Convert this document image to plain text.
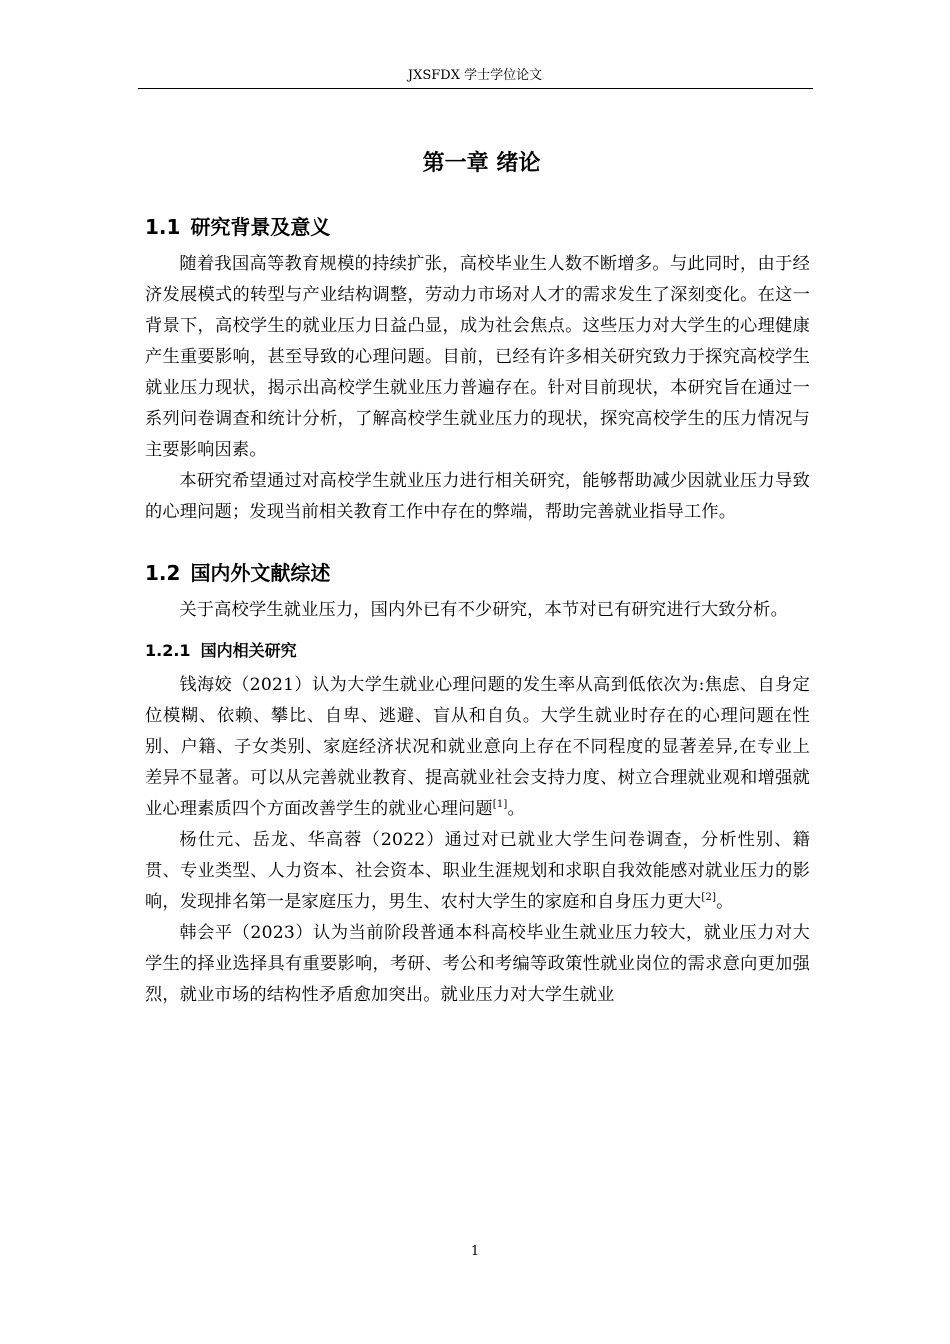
JXSFDX 学士学位论文
第一章 绪论
1.1 研究背景及意义

随着我国高等教育规模的持续扩张，高校毕业生人数不断增多。与此同时，由于经济发展模式的转型与产业结构调整，劳动力市场对人才的需求发生了深刻变化。在这一背景下，高校学生的就业压力日益凸显，成为社会焦点。这些压力对大学生的心理健康产生重要影响，甚至导致的心理问题。目前，已经有许多相关研究致力于探究高校学生就业压力现状，揭示出高校学生就业压力普遍存在。针对目前现状，本研究旨在通过一系列问卷调查和统计分析，了解高校学生就业压力的现状，探究高校学生的压力情况与主要影响因素。

本研究希望通过对高校学生就业压力进行相关研究，能够帮助减少因就业压力导致的心理问题；发现当前相关教育工作中存在的弊端，帮助完善就业指导工作。

1.2 国内外文献综述

关于高校学生就业压力，国内外已有不少研究，本节对已有研究进行大致分析。

1.2.1 国内相关研究

钱海姣（2021）认为大学生就业心理问题的发生率从高到低依次为:焦虑、自身定位模糊、依赖、攀比、自卑、逃避、盲从和自负。大学生就业时存在的心理问题在性别、户籍、子女类别、家庭经济状况和就业意向上存在不同程度的显著差异,在专业上差异不显著。可以从完善就业教育、提高就业社会支持力度、树立合理就业观和增强就业心理素质四个方面改善学生的就业心理问题[1]。

杨仕元、岳龙、华高蓉（2022）通过对已就业大学生问卷调查，分析性别、籍贯、专业类型、人力资本、社会资本、职业生涯规划和求职自我效能感对就业压力的影响，发现排名第一是家庭压力，男生、农村大学生的家庭和自身压力更大[2]。

韩会平（2023）认为当前阶段普通本科高校毕业生就业压力较大，就业压力对大学生的择业选择具有重要影响，考研、考公和考编等政策性就业岗位的需求意向更加强烈，就业市场的结构性矛盾愈加突出。就业压力对大学生就业

1
